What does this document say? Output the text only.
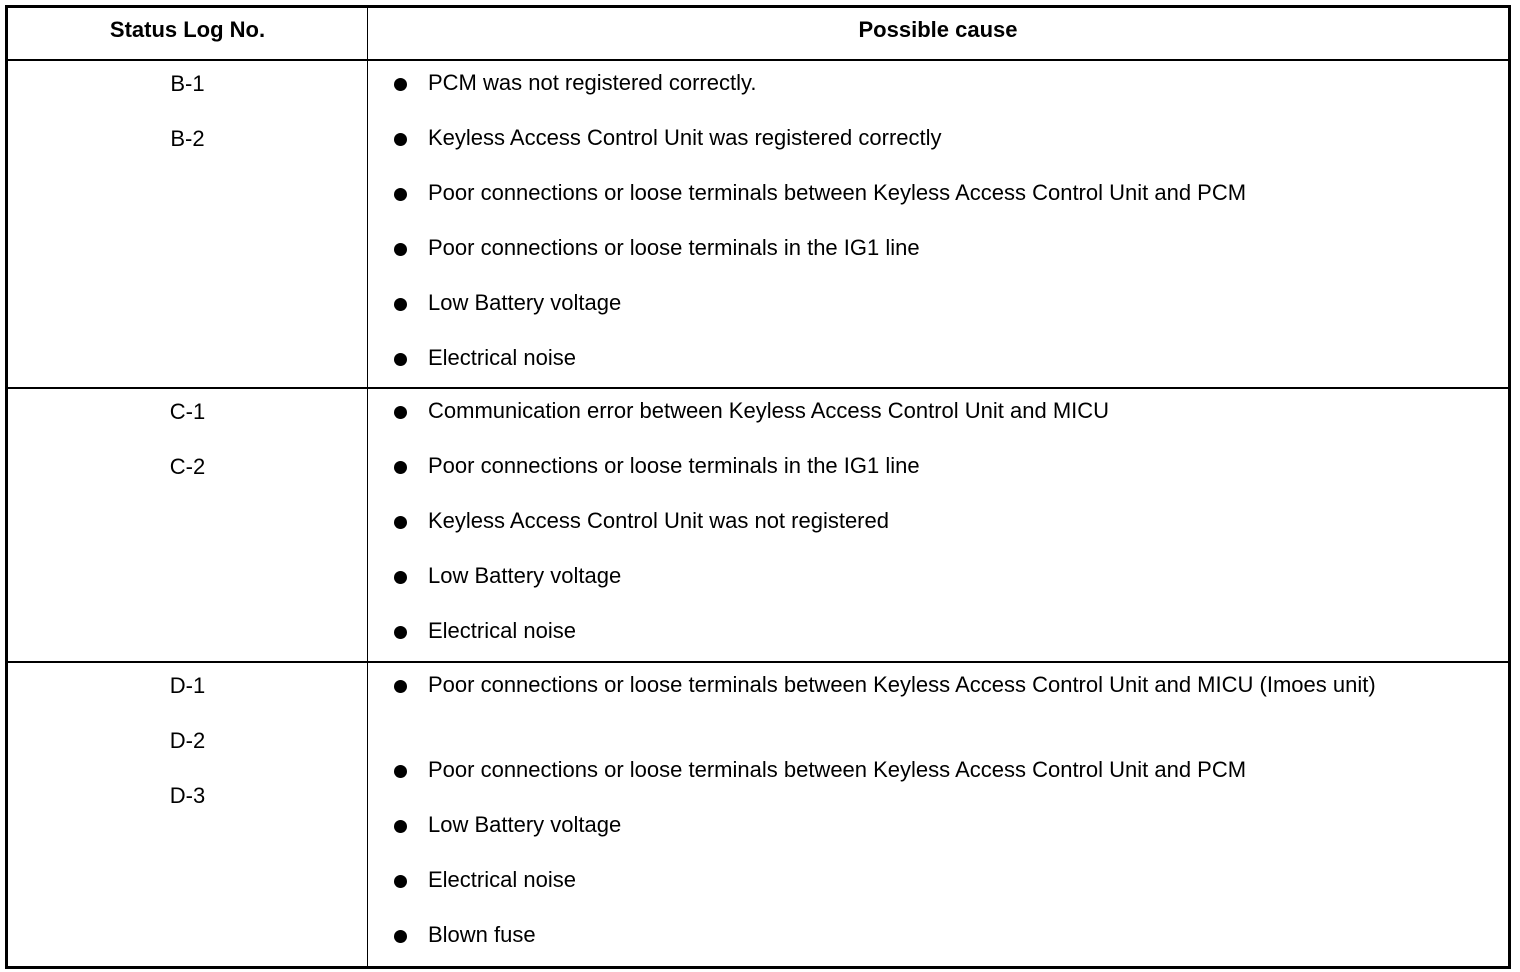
Status Log No.	Possible cause
B-1
B-2
PCM was not registered correctly.
Keyless Access Control Unit was registered correctly
Poor connections or loose terminals between Keyless Access Control Unit and PCM
Poor connections or loose terminals in the IG1 line
Low Battery voltage
Electrical noise
C-1
C-2
Communication error between Keyless Access Control Unit and MICU
Poor connections or loose terminals in the IG1 line
Keyless Access Control Unit was not registered
Low Battery voltage
Electrical noise
D-1
D-2
D-3
Poor connections or loose terminals between Keyless Access Control Unit and MICU (Imoes unit)
Poor connections or loose terminals between Keyless Access Control Unit and PCM
Low Battery voltage
Electrical noise
Blown fuse
